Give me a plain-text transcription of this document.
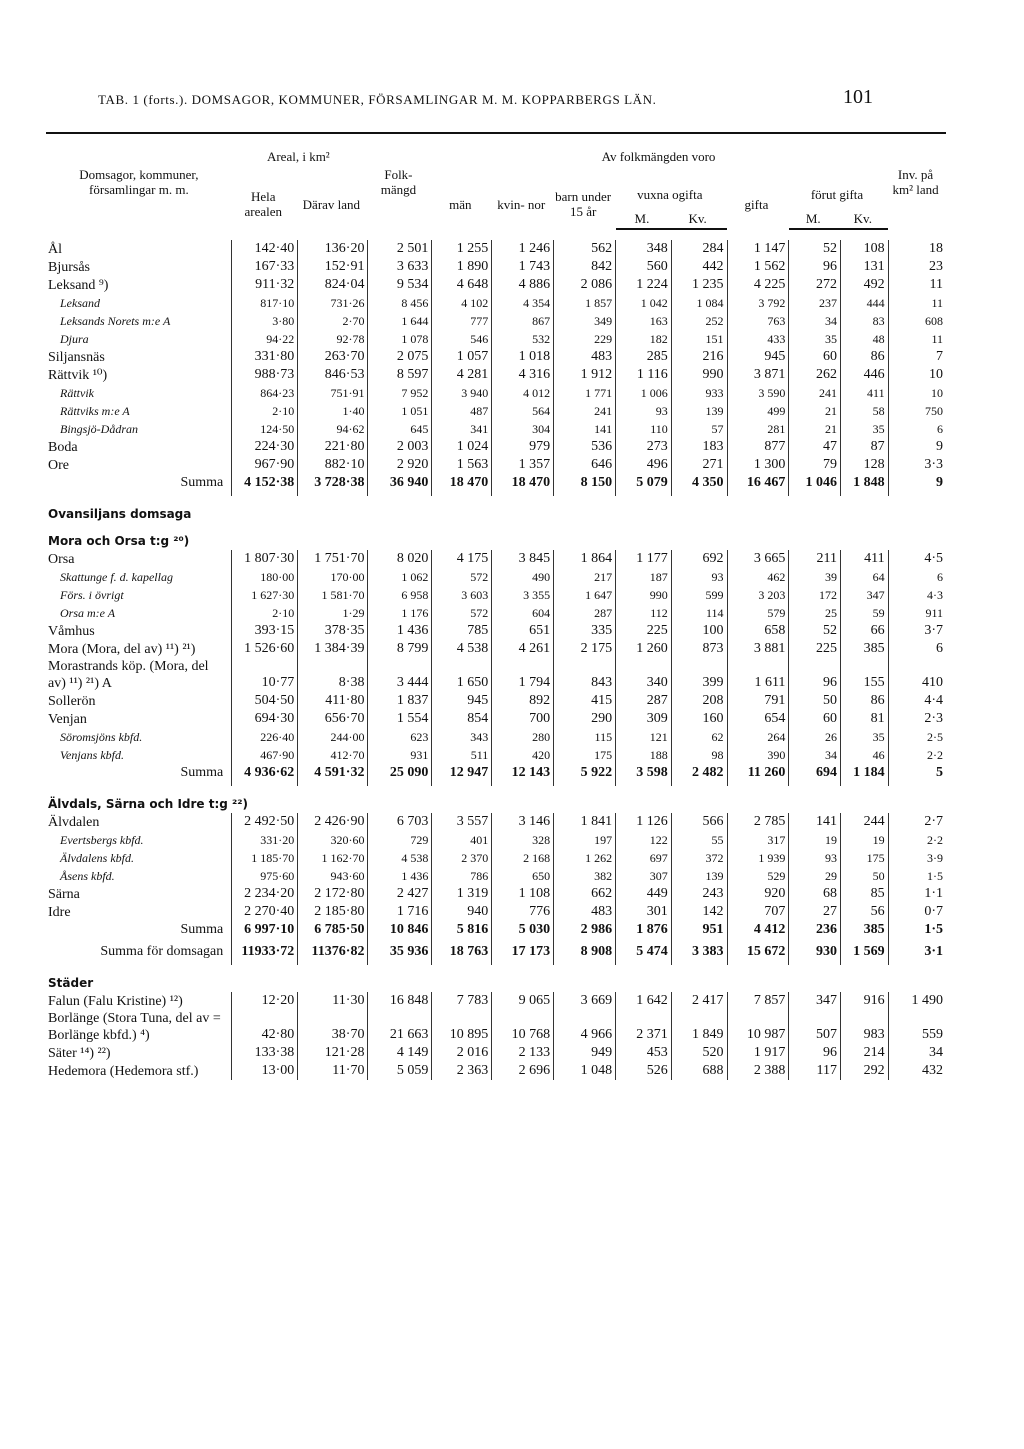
TAB. 1 (forts.). DOMSAGOR, KOMMUNER, FÖRSAMLINGAR M. M. KOPPARBERGS LÄN.	101
Domsagor, kommuner, församlingar m. m.	Areal, i km²		Folk- mängd	Av folkmängden voro								Inv. på km² land
	Hela arealen	Därav land		män	kvin- nor	barn under 15 år	vuxna ogifta		gifta	förut gifta		
							M.	Kv.		M.	Kv.	

Ål	142·40	136·20	2 501	1 255	1 246	562	348	284	1 147	52	108	18
Bjursås	167·33	152·91	3 633	1 890	1 743	842	560	442	1 562	96	131	23
Leksand ⁹)	911·32	824·04	9 534	4 648	4 886	2 086	1 224	1 235	4 225	272	492	11
Leksand	817·10	731·26	8 456	4 102	4 354	1 857	1 042	1 084	3 792	237	444	11
Leksands Norets m:e A	3·80	2·70	1 644	777	867	349	163	252	763	34	83	608
Djura	94·22	92·78	1 078	546	532	229	182	151	433	35	48	11
Siljansnäs	331·80	263·70	2 075	1 057	1 018	483	285	216	945	60	86	7
Rättvik ¹⁰)	988·73	846·53	8 597	4 281	4 316	1 912	1 116	990	3 871	262	446	10
Rättvik	864·23	751·91	7 952	3 940	4 012	1 771	1 006	933	3 590	241	411	10
Rättviks m:e A	2·10	1·40	1 051	487	564	241	93	139	499	21	58	750
Bingsjö-Dådran	124·50	94·62	645	341	304	141	110	57	281	21	35	6
Boda	224·30	221·80	2 003	1 024	979	536	273	183	877	47	87	9
Ore	967·90	882·10	2 920	1 563	1 357	646	496	271	1 300	79	128	3·3
Summa	4 152·38	3 728·38	36 940	18 470	18 470	8 150	5 079	4 350	16 467	1 046	1 848	9
Ovansiljans domsaga												
Mora och Orsa t:g ²⁰)												
Orsa	1 807·30	1 751·70	8 020	4 175	3 845	1 864	1 177	692	3 665	211	411	4·5
Skattunge f. d. kapellag	180·00	170·00	1 062	572	490	217	187	93	462	39	64	6
Förs. i övrigt	1 627·30	1 581·70	6 958	3 603	3 355	1 647	990	599	3 203	172	347	4·3
Orsa m:e A	2·10	1·29	1 176	572	604	287	112	114	579	25	59	911
Våmhus	393·15	378·35	1 436	785	651	335	225	100	658	52	66	3·7
Mora (Mora, del av) ¹¹) ²¹)	1 526·60	1 384·39	8 799	4 538	4 261	2 175	1 260	873	3 881	225	385	6
Morastrands köp. (Mora, del av) ¹¹) ²¹) A	10·77	8·38	3 444	1 650	1 794	843	340	399	1 611	96	155	410
Sollerön	504·50	411·80	1 837	945	892	415	287	208	791	50	86	4·4
Venjan	694·30	656·70	1 554	854	700	290	309	160	654	60	81	2·3
Söromsjöns kbfd.	226·40	244·00	623	343	280	115	121	62	264	26	35	2·5
Venjans kbfd.	467·90	412·70	931	511	420	175	188	98	390	34	46	2·2
Summa	4 936·62	4 591·32	25 090	12 947	12 143	5 922	3 598	2 482	11 260	694	1 184	5
Älvdals, Särna och Idre t:g ²²)												
Älvdalen	2 492·50	2 426·90	6 703	3 557	3 146	1 841	1 126	566	2 785	141	244	2·7
Evertsbergs kbfd.	331·20	320·60	729	401	328	197	122	55	317	19	19	2·2
Älvdalens kbfd.	1 185·70	1 162·70	4 538	2 370	2 168	1 262	697	372	1 939	93	175	3·9
Åsens kbfd.	975·60	943·60	1 436	786	650	382	307	139	529	29	50	1·5
Särna	2 234·20	2 172·80	2 427	1 319	1 108	662	449	243	920	68	85	1·1
Idre	2 270·40	2 185·80	1 716	940	776	483	301	142	707	27	56	0·7
Summa	6 997·10	6 785·50	10 846	5 816	5 030	2 986	1 876	951	4 412	236	385	1·5
Summa för domsagan	11933·72	11376·82	35 936	18 763	17 173	8 908	5 474	3 383	15 672	930	1 569	3·1
Städer												
Falun (Falu Kristine) ¹²)	12·20	11·30	16 848	7 783	9 065	3 669	1 642	2 417	7 857	347	916	1 490
Borlänge (Stora Tuna, del av = Borlänge kbfd.) ⁴)	42·80	38·70	21 663	10 895	10 768	4 966	2 371	1 849	10 987	507	983	559
Säter ¹⁴) ²²)	133·38	121·28	4 149	2 016	2 133	949	453	520	1 917	96	214	34
Hedemora (Hedemora stf.)	13·00	11·70	5 059	2 363	2 696	1 048	526	688	2 388	117	292	432
